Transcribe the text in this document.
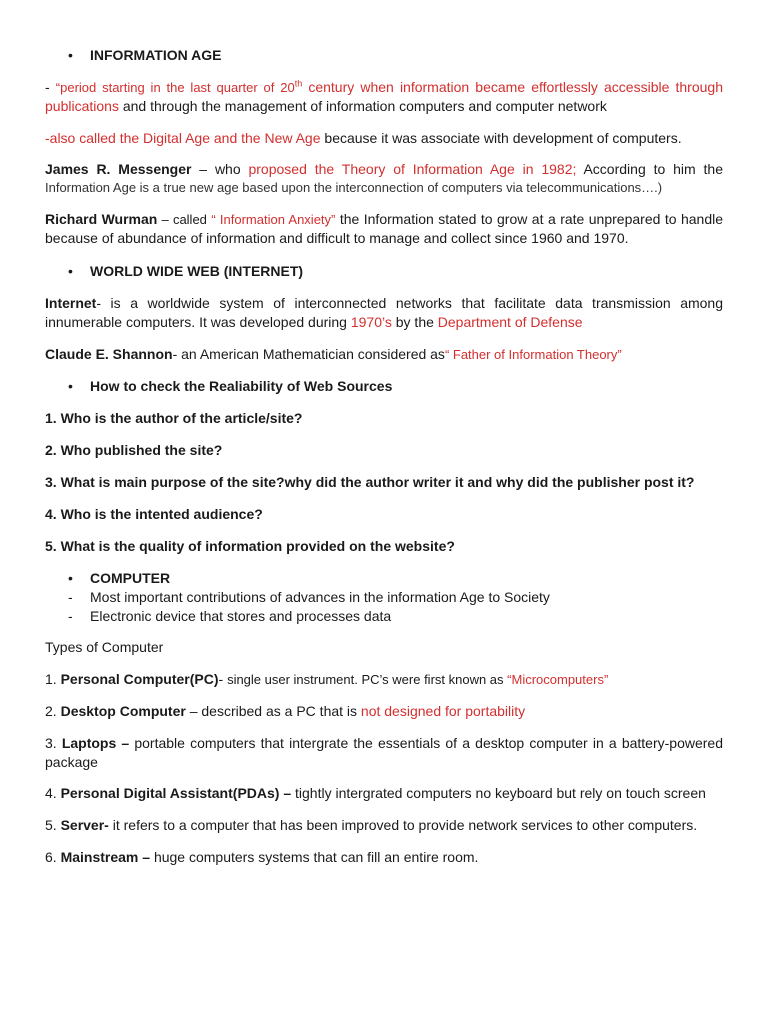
• INFORMATION AGE
- “period starting in the last quarter of 20th century when information became effortlessly accessible through
publications and through the management of information computers and computer network
-also called the Digital Age and the New Age because it was associate with development of computers.
James R. Messenger – who proposed the Theory of Information Age in 1982; According to him the
Information Age is a true new age based upon the interconnection of computers via telecommunications….)
Richard Wurman – called “ Information Anxiety” the Information stated to grow at a rate unprepared to handle
because of abundance of information and difficult to manage and collect since 1960 and 1970.
• WORLD WIDE WEB (INTERNET)
Internet- is a worldwide system of interconnected networks that facilitate data transmission among
innumerable computers. It was developed during 1970’s by the Department of Defense
Claude E. Shannon- an American Mathematician considered as“ Father of Information Theory”
• How to check the Realiability of Web Sources
1. Who is the author of the article/site?
2. Who published the site?
3. What is main purpose of the site?why did the author writer it and why did the publisher post it?
4. Who is the intented audience?
5. What is the quality of information provided on the website?
• COMPUTER
- Most important contributions of advances in the information Age to Society
- Electronic device that stores and processes data
Types of Computer
1. Personal Computer(PC)- single user instrument. PC’s were first known as “Microcomputers”
2. Desktop Computer – described as a PC that is not designed for portability
3. Laptops – portable computers that intergrate the essentials of a desktop computer in a battery-powered
package
4. Personal Digital Assistant(PDAs) – tightly intergrated computers no keyboard but rely on touch screen
5. Server- it refers to a computer that has been improved to provide network services to other computers.
6. Mainstream – huge computers systems that can fill an entire room.
